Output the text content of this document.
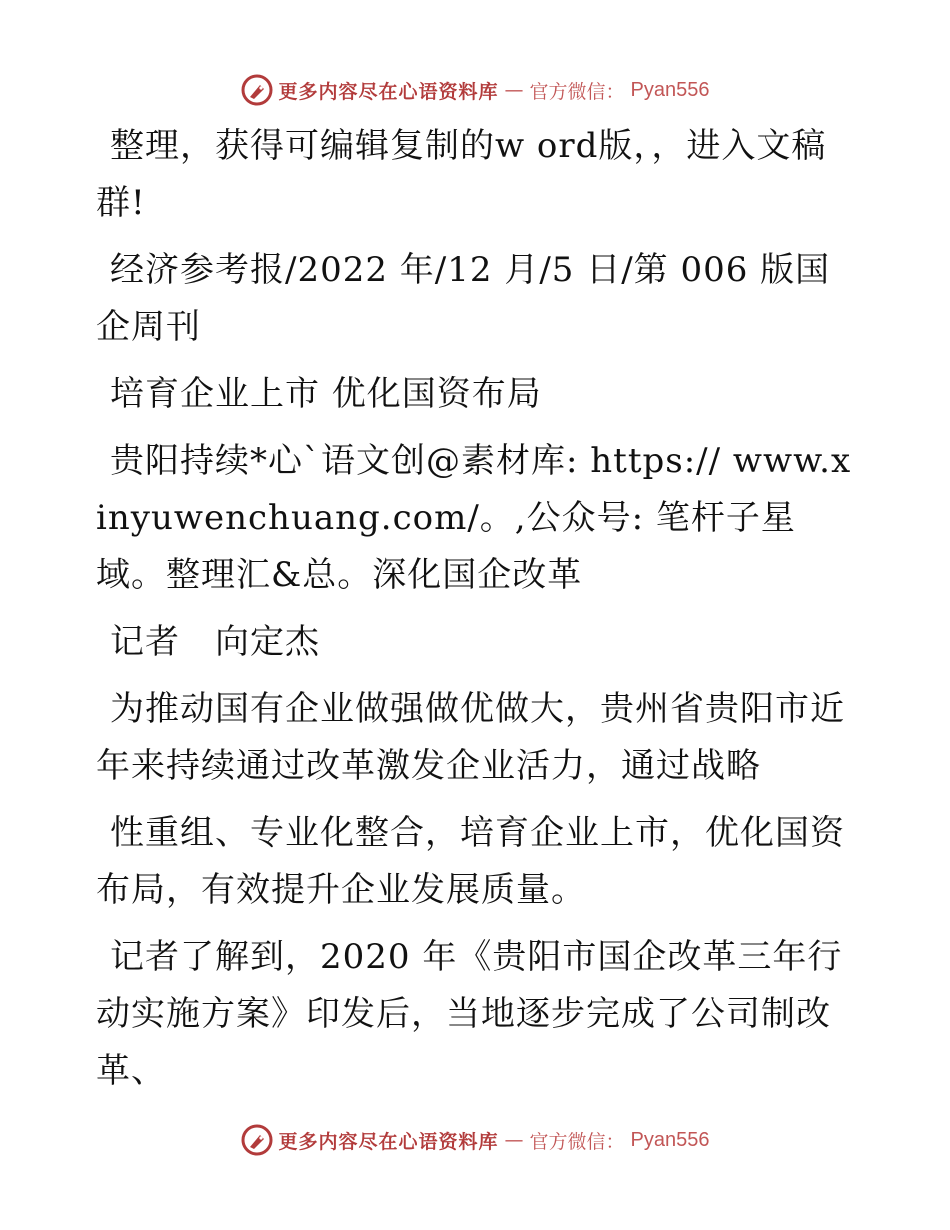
更多内容尽在心语资料库 — 官方微信： Pyan556

整理，获得可编辑复制的w ord版，，进入文稿群!

经济参考报/2022 年/12 月/5 日/第 006 版国企周刊

培育企业上市 优化国资布局

贵阳持续*心`语文创@素材库: https:// www.xinyuwenchuang.com/。,公众号: 笔杆子星域。整理汇&总。深化国企改革

记者　向定杰

为推动国有企业做强做优做大，贵州省贵阳市近年来持续通过改革激发企业活力，通过战略

性重组、专业化整合，培育企业上市，优化国资布局，有效提升企业发展质量。

记者了解到，2020 年《贵阳市国企改革三年行动实施方案》印发后，当地逐步完成了公司制改革、

更多内容尽在心语资料库 — 官方微信： Pyan556
